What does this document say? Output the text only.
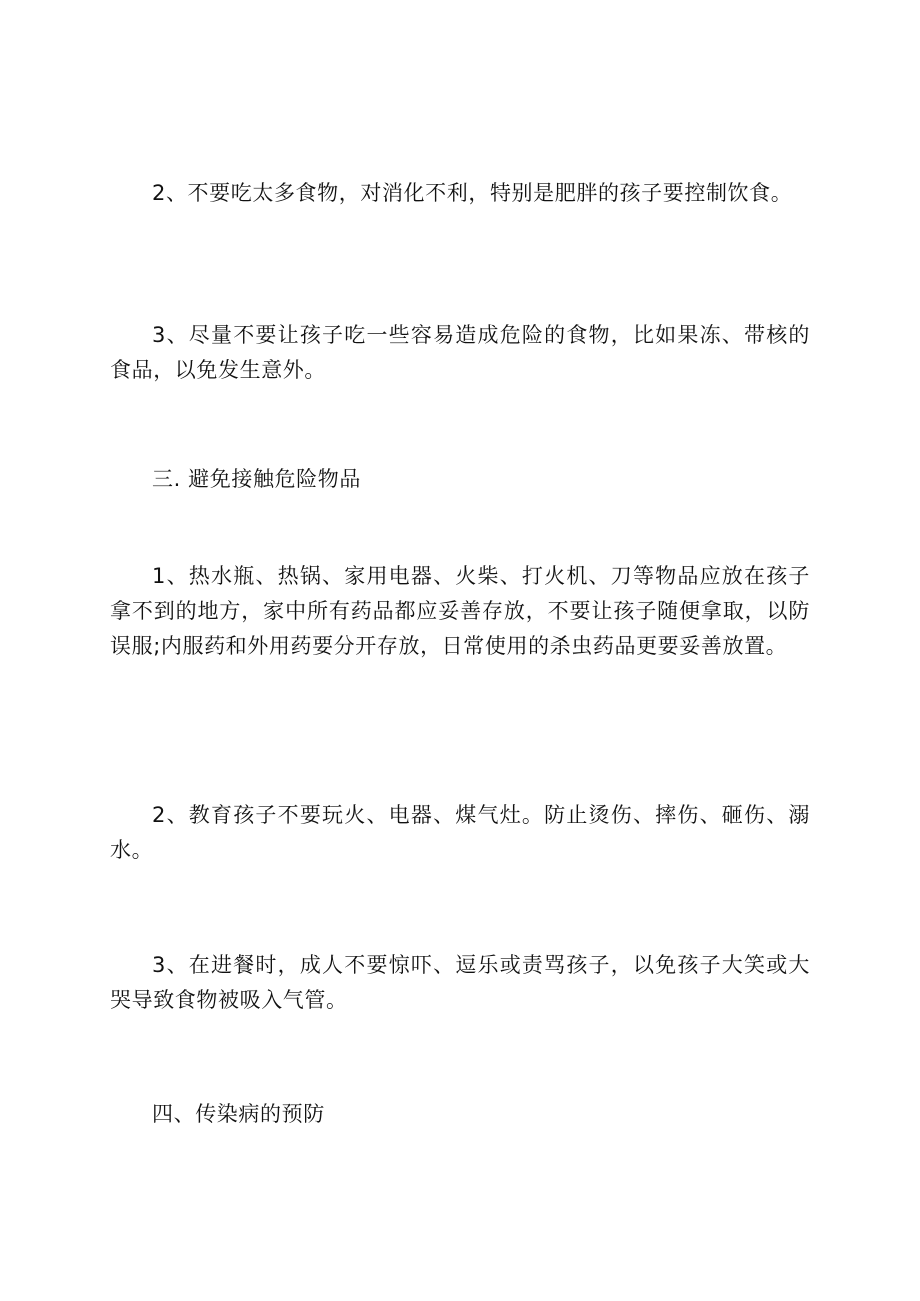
2、不要吃太多食物，对消化不利，特别是肥胖的孩子要控制饮食。

3、尽量不要让孩子吃一些容易造成危险的食物，比如果冻、带核的食品，以免发生意外。

三. 避免接触危险物品

1、热水瓶、热锅、家用电器、火柴、打火机、刀等物品应放在孩子拿不到的地方，家中所有药品都应妥善存放，不要让孩子随便拿取，以防误服;内服药和外用药要分开存放，日常使用的杀虫药品更要妥善放置。

2、教育孩子不要玩火、电器、煤气灶。防止烫伤、摔伤、砸伤、溺水。

3、在进餐时，成人不要惊吓、逗乐或责骂孩子，以免孩子大笑或大哭导致食物被吸入气管。

四、传染病的预防
